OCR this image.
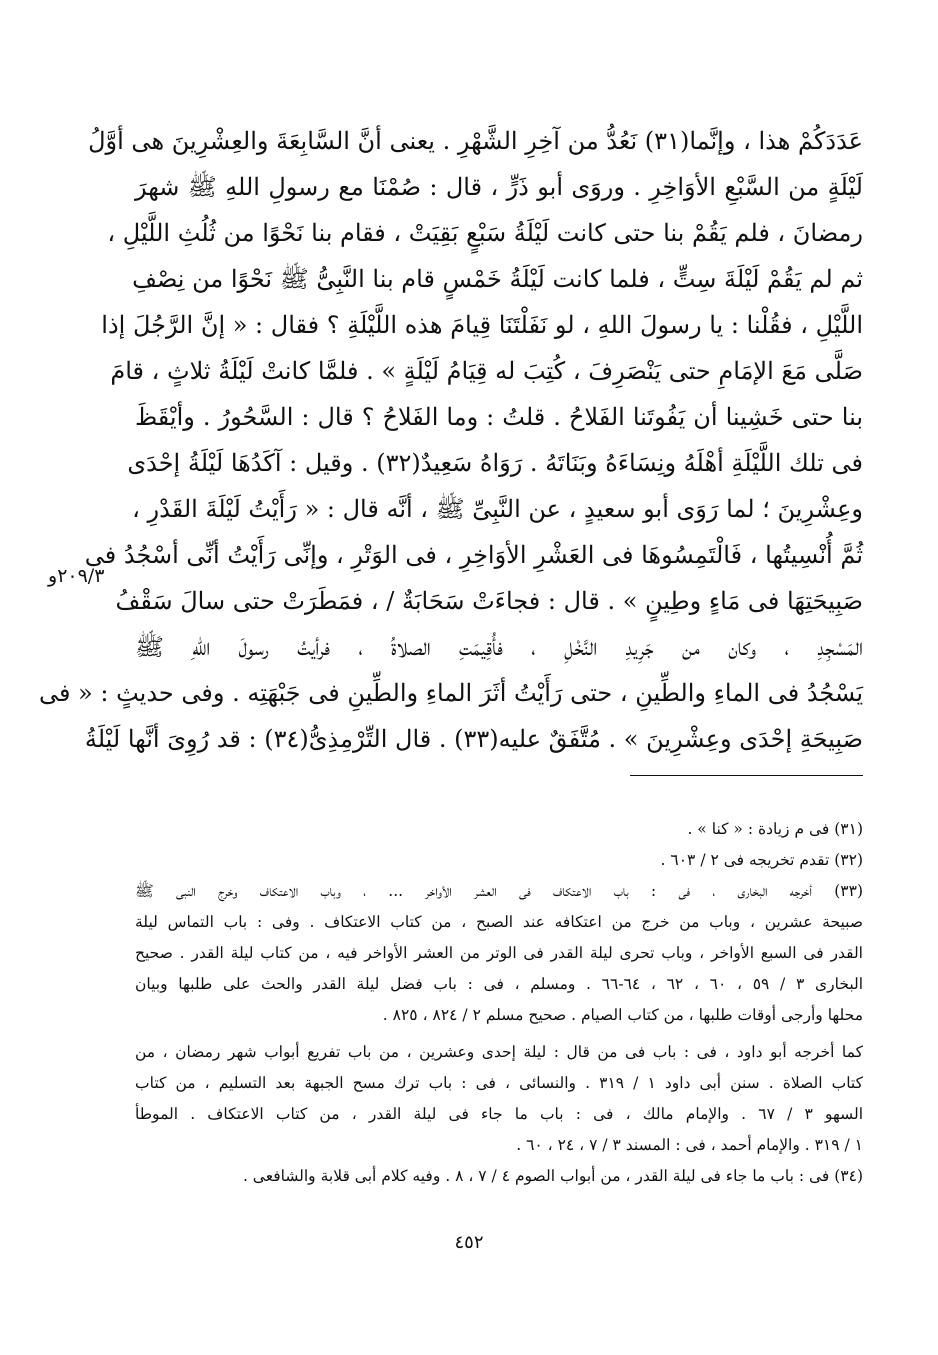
عَدَدَكُمْ هذا ، وإنَّما(٣١) نَعُدُّ من آخِرِ الشَّهْرِ . يعنى أنَّ السَّابِعَةَ والعِشْرِينَ هى أوَّلُ
لَيْلَةٍ من السَّبْعِ الأوَاخِرِ . وروَى أبو ذَرٍّ ، قال : صُمْنَا مع رسولِ اللهِ ﷺ شهرَ
رمضانَ ، فلم يَقُمْ بنا حتى كانت لَيْلَةُ سَبْعٍ بَقِيَتْ ، فقام بنا نَحْوًا من ثُلُثِ اللَّيْلِ ،
ثم لم يَقُمْ لَيْلَةَ سِتٍّ ، فلما كانت لَيْلَةُ خَمْسٍ قام بنا النَّبِىُّ ﷺ نَحْوًا من نِصْفِ
اللَّيْلِ ، فقُلْنا : يا رسولَ اللهِ ، لو نَفَلْتَنَا قِيامَ هذه اللَّيْلَةِ ؟ فقال : « إنَّ الرَّجُلَ إذا
صَلَّى مَعَ الإمَامِ حتى يَنْصَرِفَ ، كُتِبَ له قِيَامُ لَيْلَةٍ » . فلمَّا كانتْ لَيْلَةُ ثلاثٍ ، قامَ
بنا حتى خَشِينا أن يَفُوتَنا الفَلاحُ . قلتُ : وما الفَلاحُ ؟ قال : السَّحُورُ . وأيْقَظَ
فى تلك اللَّيْلَةِ أهْلَهُ ونِسَاءَهُ وبَنَاتَهُ . رَوَاهُ سَعِيدٌ(٣٢) . وقيل : آكَدُهَا لَيْلَةُ إحْدَى
وعِشْرِينَ ؛ لما رَوَى أبو سعيدٍ ، عن النَّبِىِّ ﷺ ، أنَّه قال : « رَأَيْتُ لَيْلَةَ القَدْرِ ،
ثُمَّ أُنْسِيتُها ، فَالْتَمِسُوهَا فى العَشْرِ الأوَاخِرِ ، فى الوَتْرِ ، وإنِّى رَأَيْتُ أنِّى أسْجُدُ فى
صَبِيحَتِهَا فى مَاءٍ وطِينٍ » . قال : فجاءَتْ سَحَابَةٌ / ، فمَطَرَتْ حتى سالَ سَقْفُ
المَسْجِدِ ، وكان من جَرِيدِ النَّخْلِ ، فأُقِيمَتِ الصلاةُ ، فرأيتُ رسولَ اللهِ ﷺ
يَسْجُدُ فى الماءِ والطِّينِ ، حتى رَأَيْتُ أثَرَ الماءِ والطِّينِ فى جَبْهَتِه . وفى حديثٍ : « فى
صَبِيحَةِ إحْدَى وعِشْرِينَ » . مُتَّفَقٌ عليه(٣٣) . قال التِّرْمِذِىُّ(٣٤) : قد رُوِىَ أنَّها لَيْلَةُ
٢٠٩/٣و
(٣١) فى م زيادة : « كنا » .
(٣٢) تقدم تخريجه فى ٢ / ٦٠٣ .
(٣٣) أخرجه البخارى ، فى : باب الاعتكاف فى العشر الأواخر ... ، وباب الاعتكاف وخرج النبى ﷺ
صبيحة عشرين ، وباب من خرج من اعتكافه عند الصبح ، من كتاب الاعتكاف . وفى : باب التماس ليلة
القدر فى السبع الأواخر ، وباب تحرى ليلة القدر فى الوتر من العشر الأواخر فيه ، من كتاب ليلة القدر . صحيح
البخارى ٣ / ٥٩ ، ٦٠ ، ٦٢ ، ٦٤-٦٦ . ومسلم ، فى : باب فضل ليلة القدر والحث على طلبها وبيان
محلها وأرجى أوقات طلبها ، من كتاب الصيام . صحيح مسلم ٢ / ٨٢٤ ، ٨٢٥ .
كما أخرجه أبو داود ، فى : باب فى من قال : ليلة إحدى وعشرين ، من باب تفريع أبواب شهر رمضان ، من
كتاب الصلاة . سنن أبى داود ١ / ٣١٩ . والنسائى ، فى : باب ترك مسح الجبهة بعد التسليم ، من كتاب
السهو ٣ / ٦٧ . والإمام مالك ، فى : باب ما جاء فى ليلة القدر ، من كتاب الاعتكاف . الموطأ
١ / ٣١٩ . والإمام أحمد ، فى : المسند ٣ / ٧ ، ٢٤ ، ٦٠ .
(٣٤) فى : باب ما جاء فى ليلة القدر ، من أبواب الصوم ٤ / ٧ ، ٨ . وفيه كلام أبى قلابة والشافعى .
٤٥٢
